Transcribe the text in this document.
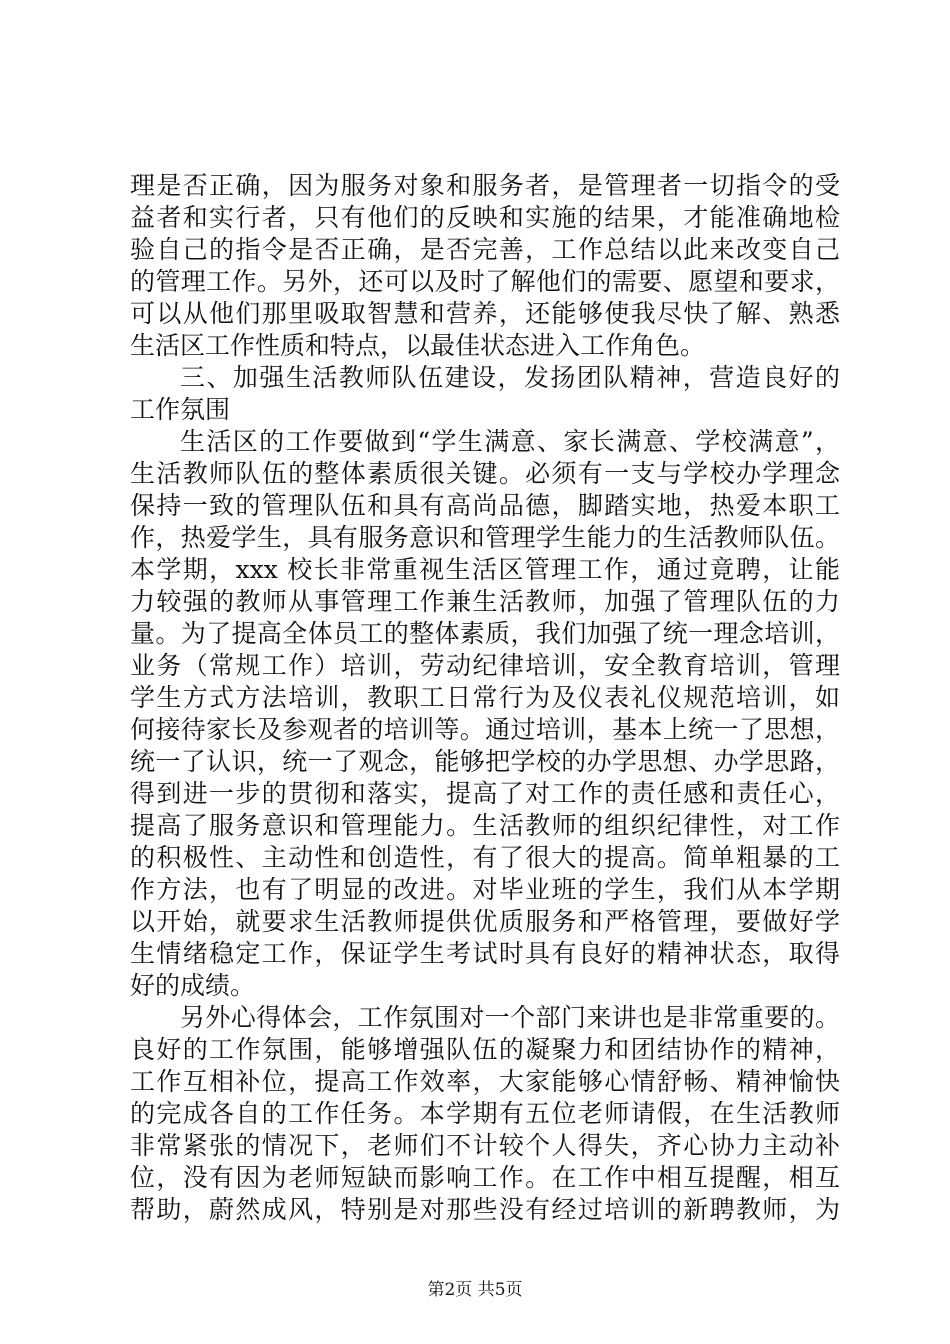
理是否正确，因为服务对象和服务者，是管理者一切指令的受
益者和实行者，只有他们的反映和实施的结果，才能准确地检
验自己的指令是否正确，是否完善，工作总结以此来改变自己
的管理工作。另外，还可以及时了解他们的需要、愿望和要求，
可以从他们那里吸取智慧和营养，还能够使我尽快了解、熟悉
生活区工作性质和特点，以最佳状态进入工作角色。
三、加强生活教师队伍建设，发扬团队精神，营造良好的
工作氛围
生活区的工作要做到“学生满意、家长满意、学校满意”，
生活教师队伍的整体素质很关键。必须有一支与学校办学理念
保持一致的管理队伍和具有高尚品德，脚踏实地，热爱本职工
作，热爱学生，具有服务意识和管理学生能力的生活教师队伍。
本学期，xxx 校长非常重视生活区管理工作，通过竟聘，让能
力较强的教师从事管理工作兼生活教师，加强了管理队伍的力
量。为了提高全体员工的整体素质，我们加强了统一理念培训，
业务（常规工作）培训，劳动纪律培训，安全教育培训，管理
学生方式方法培训，教职工日常行为及仪表礼仪规范培训，如
何接待家长及参观者的培训等。通过培训，基本上统一了思想，
统一了认识，统一了观念，能够把学校的办学思想、办学思路，
得到进一步的贯彻和落实，提高了对工作的责任感和责任心，
提高了服务意识和管理能力。生活教师的组织纪律性，对工作
的积极性、主动性和创造性，有了很大的提高。简单粗暴的工
作方法，也有了明显的改进。对毕业班的学生，我们从本学期
以开始，就要求生活教师提供优质服务和严格管理，要做好学
生情绪稳定工作，保证学生考试时具有良好的精神状态，取得
好的成绩。
另外心得体会，工作氛围对一个部门来讲也是非常重要的。
良好的工作氛围，能够增强队伍的凝聚力和团结协作的精神，
工作互相补位，提高工作效率，大家能够心情舒畅、精神愉快
的完成各自的工作任务。本学期有五位老师请假，在生活教师
非常紧张的情况下，老师们不计较个人得失，齐心协力主动补
位，没有因为老师短缺而影响工作。在工作中相互提醒，相互
帮助，蔚然成风，特别是对那些没有经过培训的新聘教师，为
第2页 共5页
